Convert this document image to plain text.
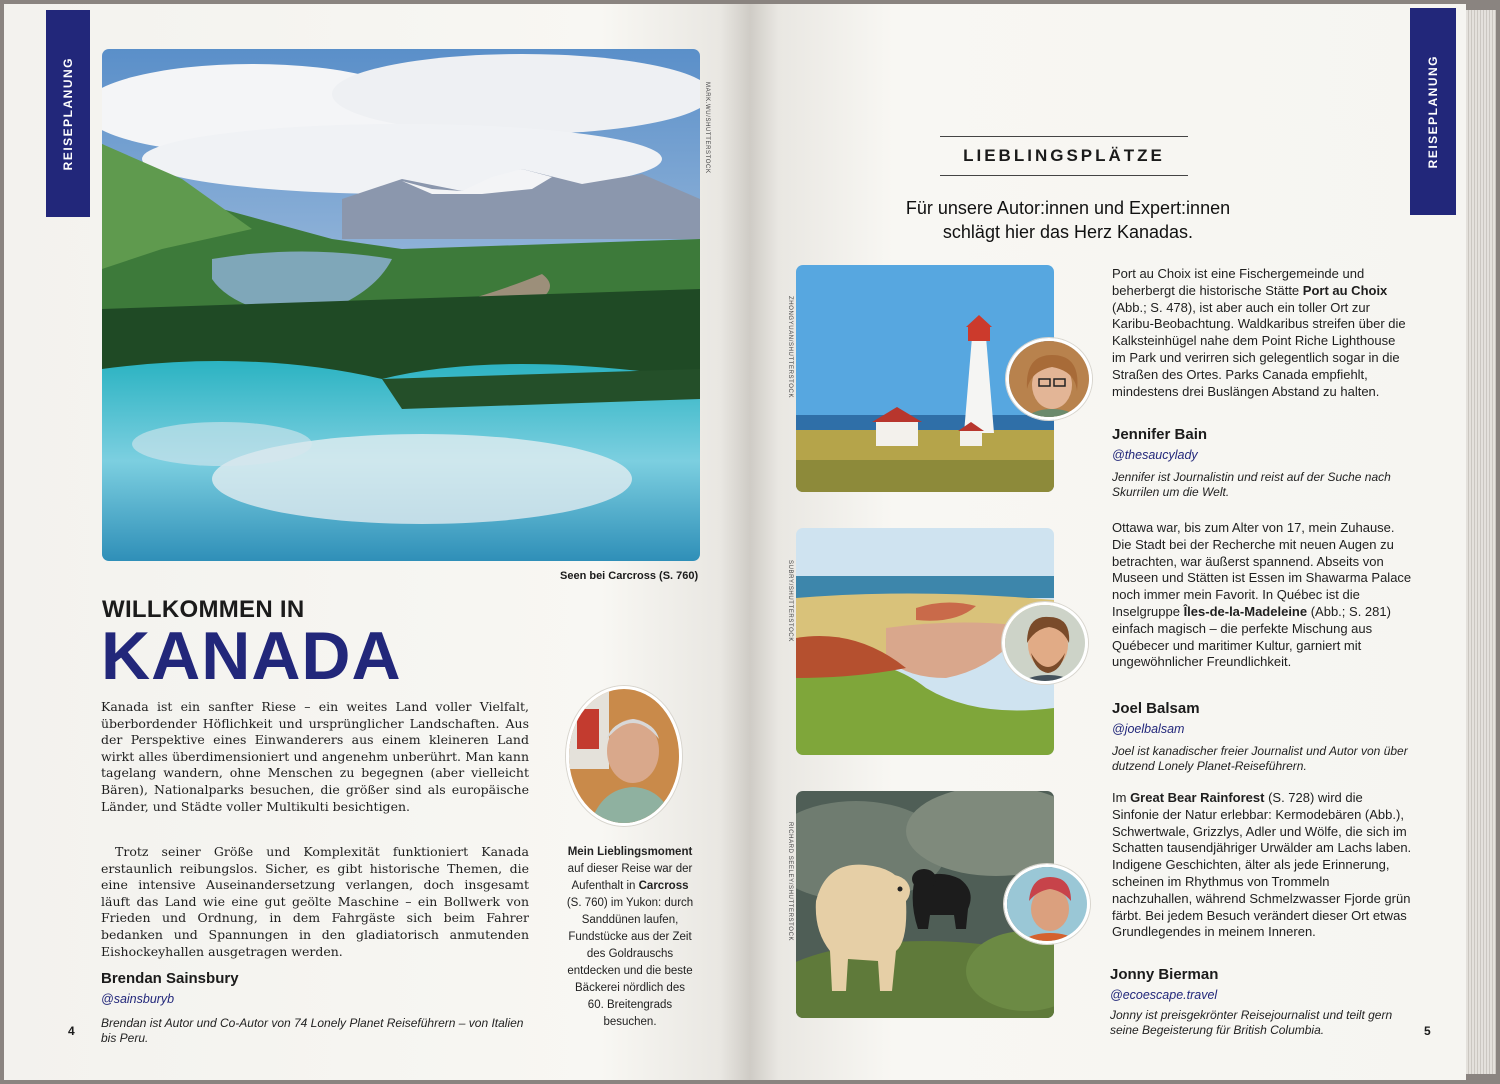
REISEPLANUNG	MARK.WU/SHUTTERSTOCK
Seen bei Carcross (S. 760)
WILLKOMMEN IN
KANADA

Kanada ist ein sanfter Riese – ein weites Land voller Vielfalt, überbordender Höflichkeit und ursprünglicher Landschaften. Aus der Perspektive eines Einwanderers aus einem kleineren Land wirkt alles überdimensioniert und angenehm unberührt. Man kann tagelang wandern, ohne Menschen zu begegnen (aber vielleicht Bären), Nationalparks besuchen, die größer sind als europäische Länder, und Städte voller Multikulti besichtigen.

Trotz seiner Größe und Komplexität funktioniert Kanada erstaunlich reibungslos. Sicher, es gibt historische Themen, die eine intensive Auseinandersetzung verlangen, doch insgesamt läuft das Land wie eine gut geölte Maschine – ein Bollwerk von Frieden und Ordnung, in dem Fahrgäste sich beim Fahrer bedanken und Spannungen in den gladiatorisch anmutenden Eishockeyhallen ausgetragen werden.

Brendan Sainsbury
@sainsburyb
Brendan ist Autor und Co-Autor von 74 Lonely Planet Reiseführern – von Italien bis Peru.
Mein Lieblingsmoment auf dieser Reise war der Aufenthalt in Carcross (S. 760) im Yukon: durch Sanddünen laufen, Fundstücke aus der Zeit des Goldrauschs entdecken und die beste Bäckerei nördlich des 60. Breitengrads besuchen.
4
REISEPLANUNG
LIEBLINGSPLÄTZE
Für unsere Autor:innen und Expert:innen schlägt hier das Herz Kanadas.
ZHONGYUAN/SHUTTERSTOCK
Port au Choix ist eine Fischergemeinde und beherbergt die historische Stätte Port au Choix (Abb.; S. 478), ist aber auch ein toller Ort zur Karibu-Beobachtung. Waldkaribus streifen über die Kalksteinhügel nahe dem Point Riche Lighthouse im Park und verirren sich gelegentlich sogar in die Straßen des Ortes. Parks Canada empfiehlt, mindestens drei Buslängen Abstand zu halten.
Jennifer Bain
@thesaucylady
Jennifer ist Journalistin und reist auf der Suche nach Skurrilen um die Welt.
SUBRY/SHUTTERSTOCK
Ottawa war, bis zum Alter von 17, mein Zuhause. Die Stadt bei der Recherche mit neuen Augen zu betrachten, war äußerst spannend. Abseits von Museen und Stätten ist Essen im Shawarma Palace noch immer mein Favorit. In Québec ist die Inselgruppe Îles-de-la-Madeleine (Abb.; S. 281) einfach magisch – die perfekte Mischung aus Québecer und maritimer Kultur, garniert mit ungewöhnlicher Freundlichkeit.
Joel Balsam
@joelbalsam
Joel ist kanadischer freier Journalist und Autor von über dutzend Lonely Planet-Reiseführern.
RICHARD SEELEY/SHUTTERSTOCK
Im Great Bear Rainforest (S. 728) wird die Sinfonie der Natur erlebbar: Kermodebären (Abb.), Schwertwale, Grizzlys, Adler und Wölfe, die sich im Schatten tausendjähriger Urwälder am Lachs laben. Indigene Geschichten, älter als jede Erinnerung, scheinen im Rhythmus von Trommeln nachzuhallen, während Schmelzwasser Fjorde grün färbt. Bei jedem Besuch verändert dieser Ort etwas Grundlegendes in meinem Inneren.
Jonny Bierman
@ecoescape.travel
Jonny ist preisgekrönter Reisejournalist und teilt gern seine Begeisterung für British Columbia.	5
